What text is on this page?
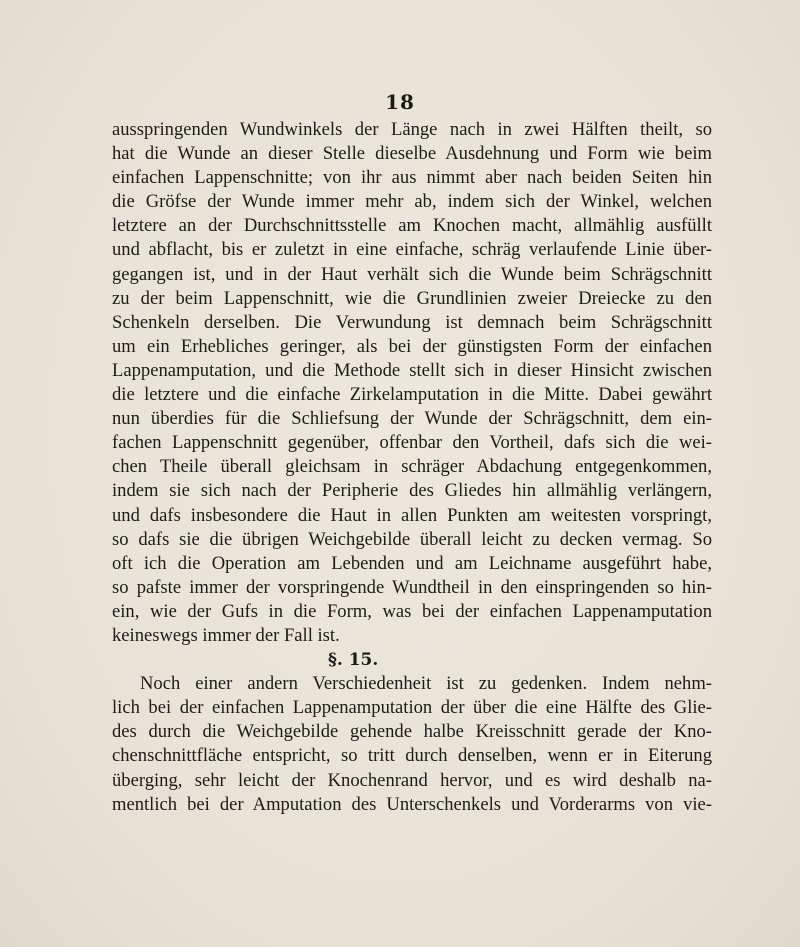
18
ausspringenden Wundwinkels der Länge nach in zwei Hälften theilt, so
hat die Wunde an dieser Stelle dieselbe Ausdehnung und Form wie beim
einfachen Lappenschnitte; von ihr aus nimmt aber nach beiden Seiten hin
die Gröfse der Wunde immer mehr ab, indem sich der Winkel, welchen
letztere an der Durchschnittsstelle am Knochen macht, allmählig ausfüllt
und abflacht, bis er zuletzt in eine einfache, schräg verlaufende Linie über-
gegangen ist, und in der Haut verhält sich die Wunde beim Schrägschnitt
zu der beim Lappenschnitt, wie die Grundlinien zweier Dreiecke zu den
Schenkeln derselben. Die Verwundung ist demnach beim Schrägschnitt
um ein Erhebliches geringer, als bei der günstigsten Form der einfachen
Lappenamputation, und die Methode stellt sich in dieser Hinsicht zwischen
die letztere und die einfache Zirkelamputation in die Mitte. Dabei gewährt
nun überdies für die Schliefsung der Wunde der Schrägschnitt, dem ein-
fachen Lappenschnitt gegenüber, offenbar den Vortheil, dafs sich die wei-
chen Theile überall gleichsam in schräger Abdachung entgegenkommen,
indem sie sich nach der Peripherie des Gliedes hin allmählig verlängern,
und dafs insbesondere die Haut in allen Punkten am weitesten vorspringt,
so dafs sie die übrigen Weichgebilde überall leicht zu decken vermag. So
oft ich die Operation am Lebenden und am Leichname ausgeführt habe,
so pafste immer der vorspringende Wundtheil in den einspringenden so hin-
ein, wie der Gufs in die Form, was bei der einfachen Lappenamputation
keineswegs immer der Fall ist.
§. 15.
Noch einer andern Verschiedenheit ist zu gedenken. Indem nehm-
lich bei der einfachen Lappenamputation der über die eine Hälfte des Glie-
des durch die Weichgebilde gehende halbe Kreisschnitt gerade der Kno-
chenschnittfläche entspricht, so tritt durch denselben, wenn er in Eiterung
überging, sehr leicht der Knochenrand hervor, und es wird deshalb na-
mentlich bei der Amputation des Unterschenkels und Vorderarms von vie-
